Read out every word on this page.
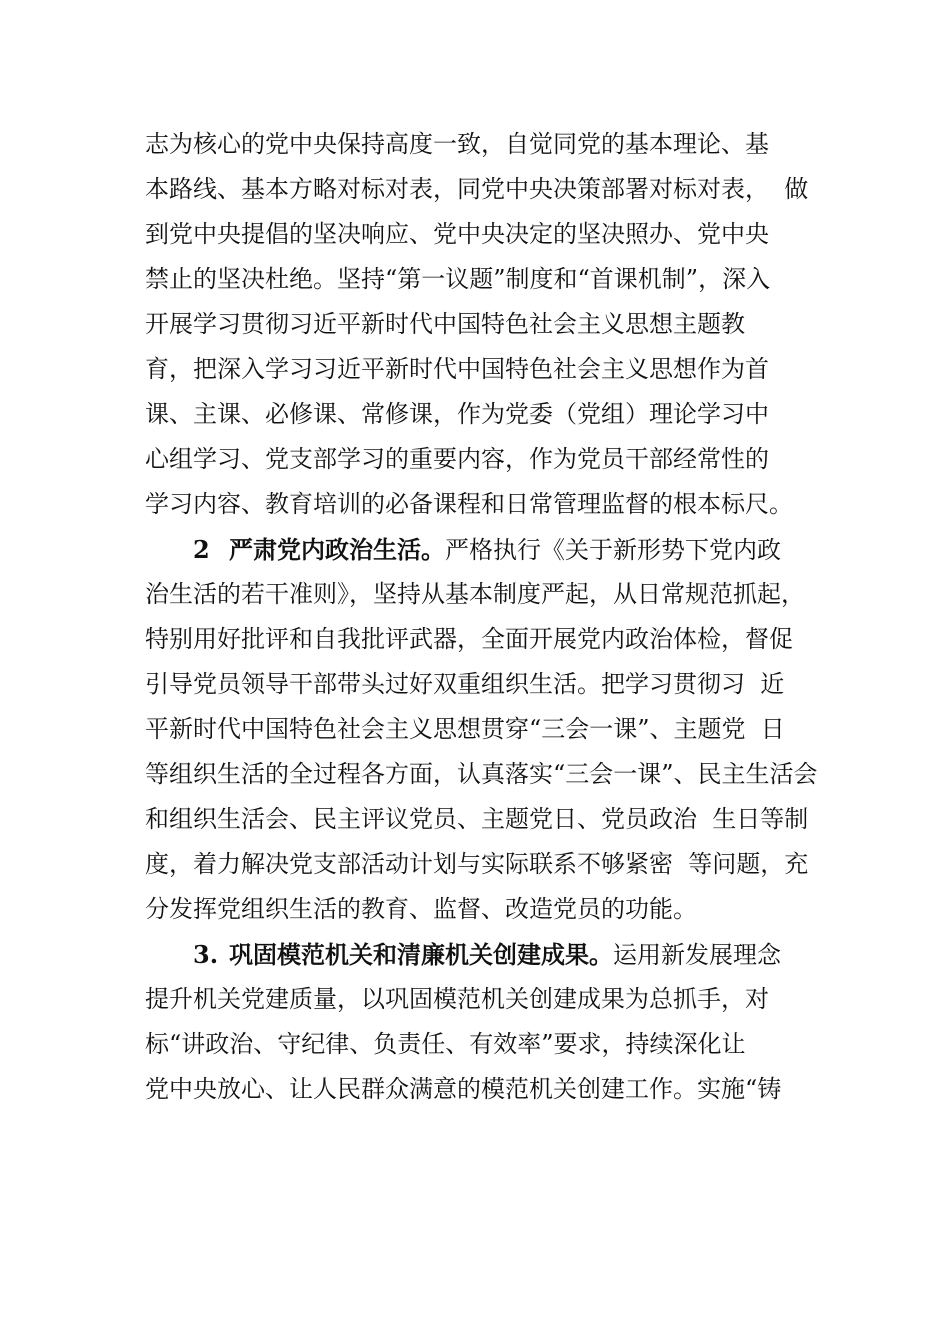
志为核心的党中央保持高度一致，自觉同党的基本理论、基
本路线、基本方略对标对表，同党中央决策部署对标对表，  做
到党中央提倡的坚决响应、党中央决定的坚决照办、党中央
禁止的坚决杜绝。坚持“第一议题”制度和“首课机制”，深入
开展学习贯彻习近平新时代中国特色社会主义思想主题教
育，把深入学习习近平新时代中国特色社会主义思想作为首
课、主课、必修课、常修课，作为党委（党组）理论学习中
心组学习、党支部学习的重要内容，作为党员干部经常性的
学习内容、教育培训的必备课程和日常管理监督的根本标尺。
2 严肃党内政治生活。严格执行《关于新形势下党内政
治生活的若干准则》，坚持从基本制度严起，从日常规范抓起，
特别用好批评和自我批评武器，全面开展党内政治体检，督促
引导党员领导干部带头过好双重组织生活。把学习贯彻习  近
平新时代中国特色社会主义思想贯穿“三会一课”、主题党  日
等组织生活的全过程各方面，认真落实“三会一课”、民主生活会
和组织生活会、民主评议党员、主题党日、党员政治  生日等制
度，着力解决党支部活动计划与实际联系不够紧密  等问题，充
分发挥党组织生活的教育、监督、改造党员的功能。
3. 巩固模范机关和清廉机关创建成果。运用新发展理念
提升机关党建质量，以巩固模范机关创建成果为总抓手，对
标“讲政治、守纪律、负责任、有效率”要求，持续深化让
党中央放心、让人民群众满意的模范机关创建工作。实施“铸
